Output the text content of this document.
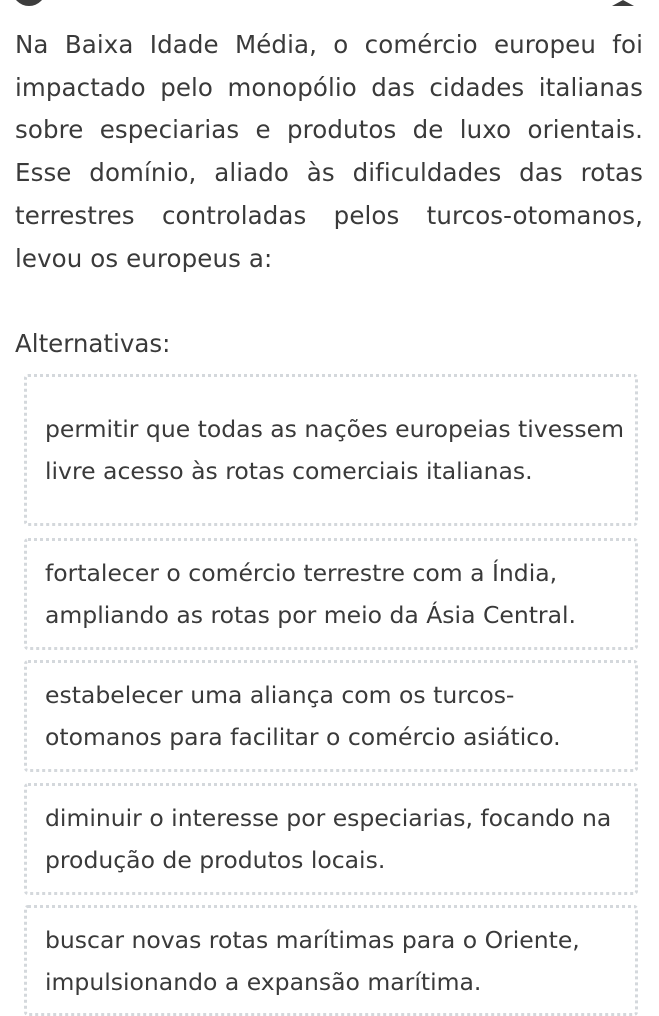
Na Baixa Idade Média, o comércio europeu foi impactado pelo monopólio das cidades italianas sobre especiarias e produtos de luxo orientais. Esse domínio, aliado às dificuldades das rotas terrestres controladas pelos turcos-otomanos, levou os europeus a:

Alternativas:
permitir que todas as nações europeias tivessem livre acesso às rotas comerciais italianas.
fortalecer o comércio terrestre com a Índia, ampliando as rotas por meio da Ásia Central.
estabelecer uma aliança com os turcos-otomanos para facilitar o comércio asiático.
diminuir o interesse por especiarias, focando na produção de produtos locais.
buscar novas rotas marítimas para o Oriente, impulsionando a expansão marítima.
